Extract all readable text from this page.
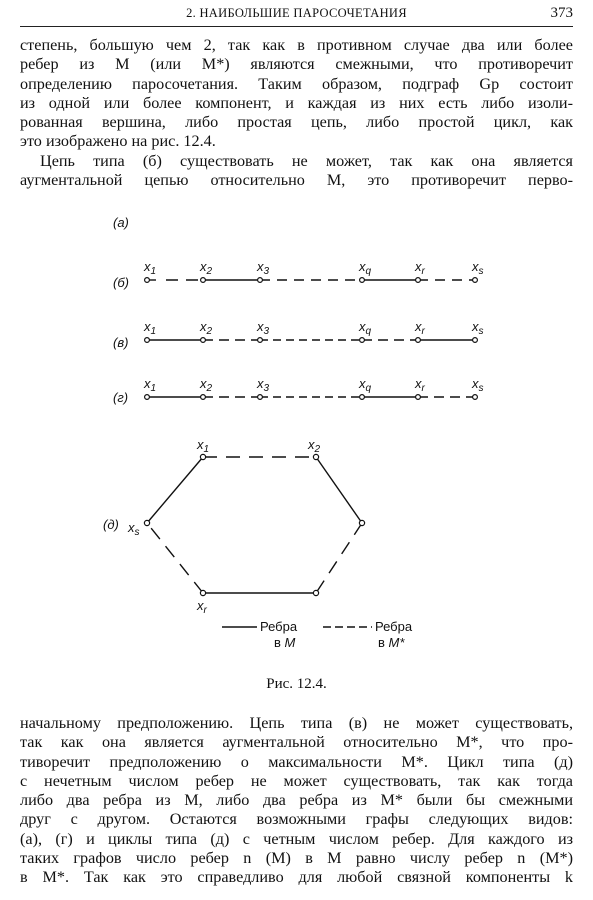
2. НАИБОЛЬШИЕ ПАРОСОЧЕТАНИЯ	373
степень, большую чем 2, так как в противном случае два или более
ребер из M (или M*) являются смежными, что противоречит
определению паросочетания. Таким образом, подграф Gp состоит
из одной или более компонент, и каждая из них есть либо изоли-
рованная вершина, либо простая цепь, либо простой цикл, как
это изображено на рис. 12.4.
Цепь типа (б) существовать не может, так как она является
аугментальной цепью относительно M, это противоречит перво-
(а)
(б)
(в)
(г)
(д)
$x_1$	$x_2$	$x_3$	$x_q$	$x_r$	$x_s$
$x_1$	$x_2$	$x_3$	$x_q$	$x_r$	$x_s$
$x_1$	$x_2$	$x_3$	$x_q$	$x_r$	$x_s$
$x_1$	$x_2$
$x_s$
$x_r$
Ребра
в M
Ребра
в M*
Рис. 12.4.
начальному предположению. Цепь типа (в) не может существовать,
так как она является аугментальной относительно M*, что про-
тиворечит предположению о максимальности M*. Цикл типа (д)
с нечетным числом ребер не может существовать, так как тогда
либо два ребра из M, либо два ребра из M* были бы смежными
друг с другом. Остаются возможными графы следующих видов:
(а), (г) и циклы типа (д) с четным числом ребер. Для каждого из
таких графов число ребер n (M) в M равно числу ребер n (M*)
в M*. Так как это справедливо для любой связной компоненты k
